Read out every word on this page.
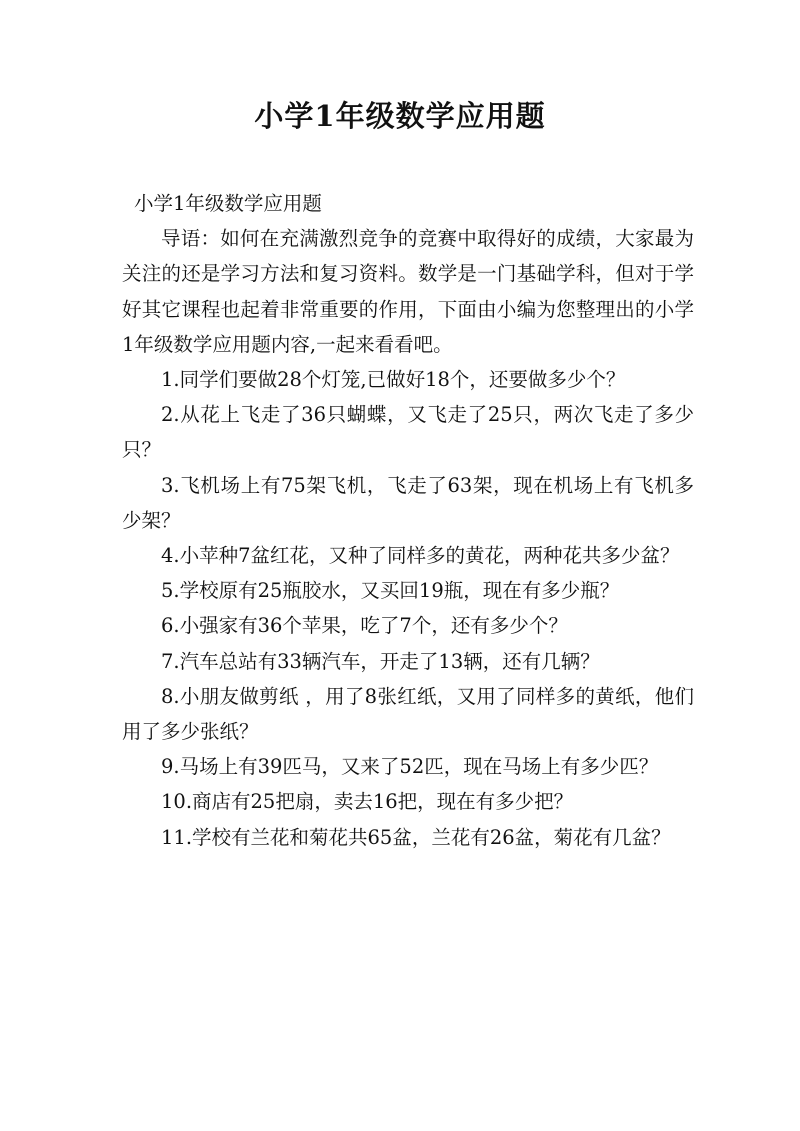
小学1年级数学应用题

小学1年级数学应用题

导语：如何在充满激烈竞争的竞赛中取得好的成绩，大家最为关注的还是学习方法和复习资料。数学是一门基础学科，但对于学好其它课程也起着非常重要的作用，下面由小编为您整理出的小学1年级数学应用题内容,一起来看看吧。

1.同学们要做28个灯笼,已做好18个，还要做多少个？

2.从花上飞走了36只蝴蝶，又飞走了25只，两次飞走了多少只？

3.飞机场上有75架飞机，飞走了63架，现在机场上有飞机多少架？

4.小苹种7盆红花，又种了同样多的黄花，两种花共多少盆？

5.学校原有25瓶胶水，又买回19瓶，现在有多少瓶？

6.小强家有36个苹果，吃了7个，还有多少个？

7.汽车总站有33辆汽车，开走了13辆，还有几辆？

8.小朋友做剪纸 ，用了8张红纸，又用了同样多的黄纸，他们用了多少张纸？

9.马场上有39匹马，又来了52匹，现在马场上有多少匹？

10.商店有25把扇，卖去16把，现在有多少把？

11.学校有兰花和菊花共65盆，兰花有26盆，菊花有几盆？
